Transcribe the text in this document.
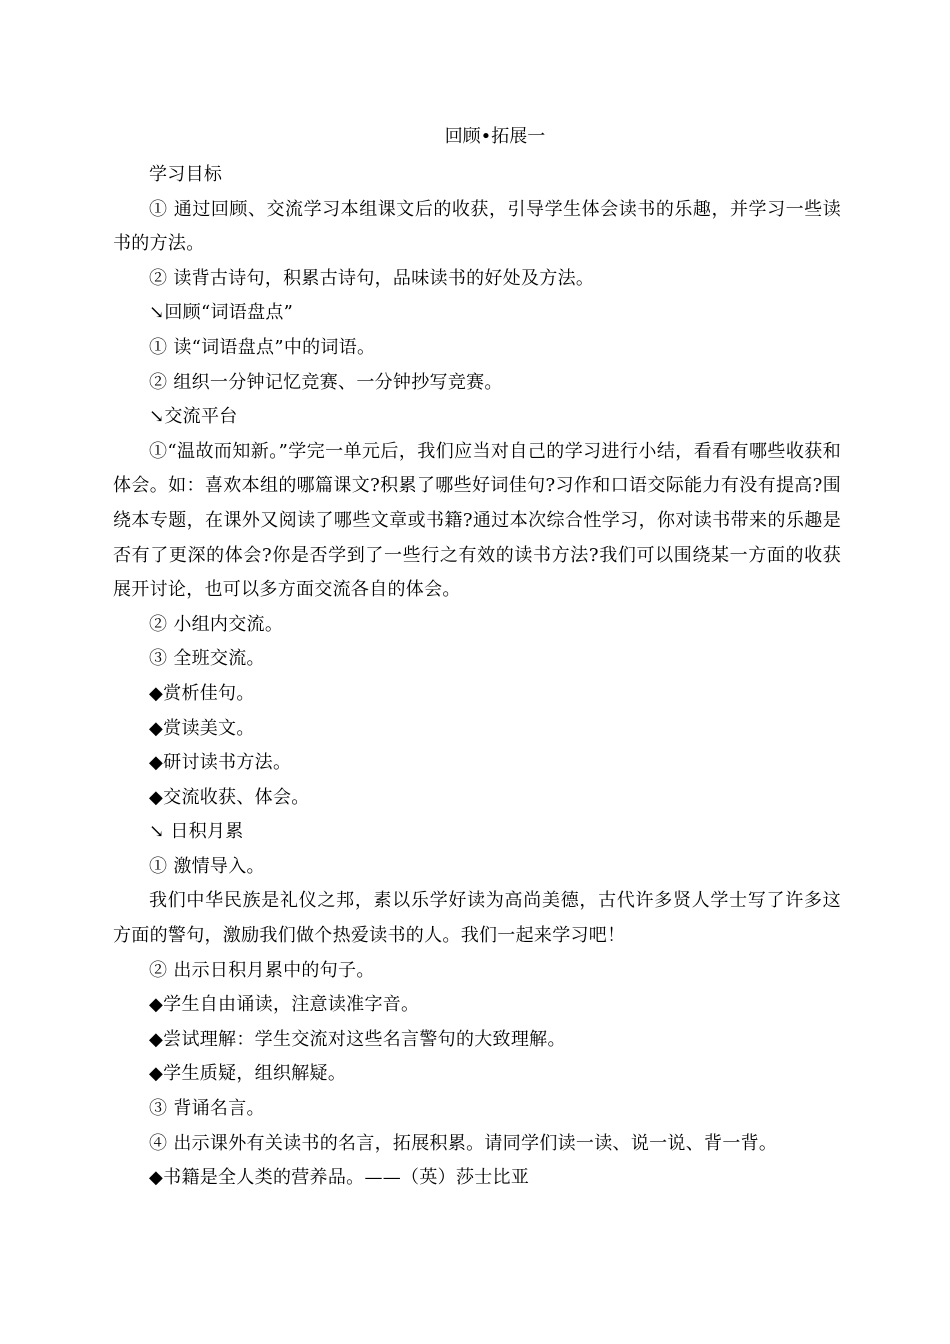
回顾•拓展一

学习目标

① 通过回顾、交流学习本组课文后的收获，引导学生体会读书的乐趣，并学习一些读书的方法。

② 读背古诗句，积累古诗句，品味读书的好处及方法。

↘回顾“词语盘点”

① 读“词语盘点”中的词语。

② 组织一分钟记忆竞赛、一分钟抄写竞赛。

↘交流平台

①“温故而知新。”学完一单元后，我们应当对自己的学习进行小结，看看有哪些收获和体会。如：喜欢本组的哪篇课文?积累了哪些好词佳句?习作和口语交际能力有没有提高?围绕本专题，在课外又阅读了哪些文章或书籍?通过本次综合性学习，你对读书带来的乐趣是否有了更深的体会?你是否学到了一些行之有效的读书方法?我们可以围绕某一方面的收获展开讨论，也可以多方面交流各自的体会。

② 小组内交流。

③ 全班交流。

◆赏析佳句。

◆赏读美文。

◆研讨读书方法。

◆交流收获、体会。

↘ 日积月累

① 激情导入。

我们中华民族是礼仪之邦，素以乐学好读为高尚美德，古代许多贤人学士写了许多这方面的警句，激励我们做个热爱读书的人。我们一起来学习吧！

② 出示日积月累中的句子。

◆学生自由诵读，注意读准字音。

◆尝试理解：学生交流对这些名言警句的大致理解。

◆学生质疑，组织解疑。

③ 背诵名言。

④ 出示课外有关读书的名言，拓展积累。请同学们读一读、说一说、背一背。

◆书籍是全人类的营养品。——（英）莎士比亚
